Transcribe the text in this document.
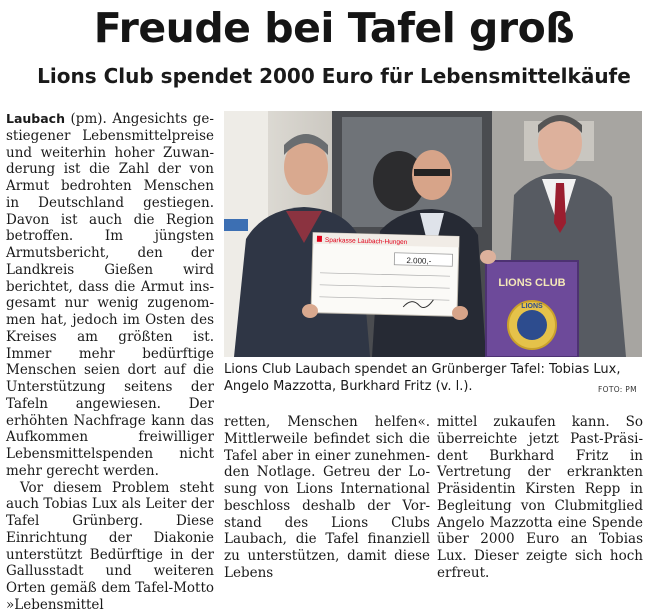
Freude bei Tafel groß
Lions Club spendet 2000 Euro für Lebensmittelkäufe

Laubach (pm). Angesichts gestiegener Lebensmittelpreise und weiterhin hoher Zuwanderung ist die Zahl der von Armut bedrohten Menschen in Deutschland gestiegen. Davon ist auch die Region betroffen. Im jüngsten Armutsbericht, den der Landkreis Gießen wird berichtet, dass die Armut insgesamt nur wenig zugenommen hat, jedoch im Osten des Kreises am größten ist. Immer mehr bedürftige Menschen seien dort auf die Unterstützung seitens der Tafeln angewiesen. Der erhöhten Nachfrage kann das Aufkommen freiwilliger Lebensmittelspenden nicht mehr gerecht werden.

Vor diesem Problem steht auch Tobias Lux als Leiter der Tafel Grünberg. Diese Einrichtung der Diakonie unterstützt Bedürftige in der Gallusstadt und weiteren Orten gemäß dem Tafel-Motto »Lebensmittel

Sparkasse Laubach-Hungen
2.000,-
LIONS CLUB
LIONS
Lions Club Laubach spendet an Grünberger Tafel: Tobias Lux, Angelo Mazzotta, Burkhard Fritz (v. l.).	FOTO: PM

retten, Menschen helfen«. Mittlerweile befindet sich die Tafel aber in einer zunehmenden Notlage. Getreu der Losung von Lions International beschloss deshalb der Vorstand des Lions Clubs Laubach, die Tafel finanziell zu unterstützen, damit diese Lebens

mittel zukaufen kann. So überreichte jetzt Past-Präsident Burkhard Fritz in Vertretung der erkrankten Präsidentin Kirsten Repp in Begleitung von Clubmitglied Angelo Mazzotta eine Spende über 2000 Euro an Tobias Lux. Dieser zeigte sich hoch erfreut.
